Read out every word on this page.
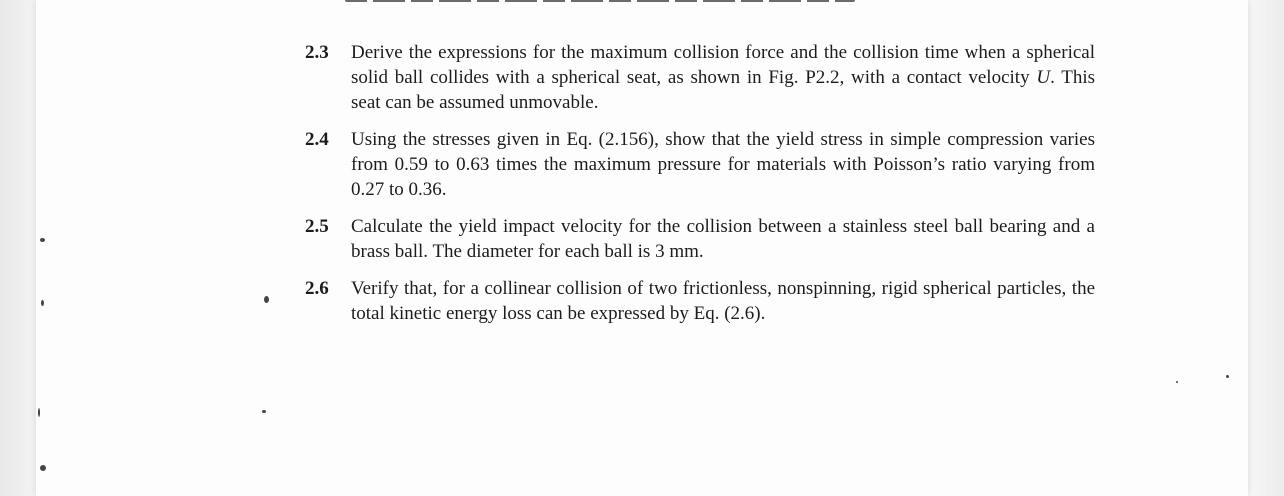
2.3	Derive the expressions for the maximum collision force and the collision time when a spherical solid ball collides with a spherical seat, as shown in Fig. P2.2, with a contact velocity U. This seat can be assumed unmovable.
2.4	Using the stresses given in Eq. (2.156), show that the yield stress in simple compression varies from 0.59 to 0.63 times the maximum pressure for materials with Poisson’s ratio varying from 0.27 to 0.36.
2.5	Calculate the yield impact velocity for the collision between a stainless steel ball bearing and a brass ball. The diameter for each ball is 3 mm.
2.6	Verify that, for a collinear collision of two frictionless, nonspinning, rigid spherical particles, the total kinetic energy loss can be expressed by Eq. (2.6).
